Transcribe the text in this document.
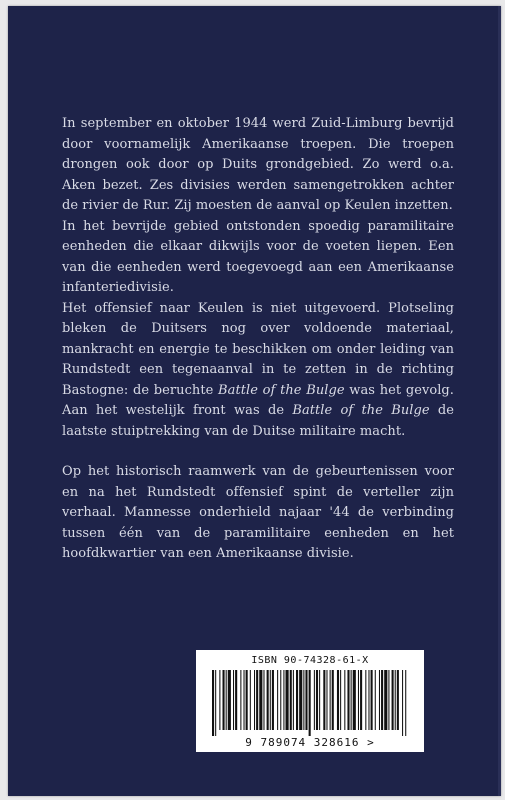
In september en oktober 1944 werd Zuid-Limburg bevrijd door voornamelijk Amerikaanse troepen. Die troepen drongen ook door op Duits grondgebied. Zo werd o.a. Aken bezet. Zes divisies werden samengetrokken achter de rivier de Rur. Zij moesten de aanval op Keulen inzetten.

In het bevrijde gebied ontstonden spoedig paramilitaire eenheden die elkaar dikwijls voor de voeten liepen. Een van die eenheden werd toegevoegd aan een Amerikaanse infanteriedivisie.

Het offensief naar Keulen is niet uitgevoerd. Plotseling bleken de Duitsers nog over voldoende materiaal, mankracht en energie te beschikken om onder leiding van Rundstedt een tegenaanval in te zetten in de richting Bastogne: de beruchte Battle of the Bulge was het gevolg. Aan het westelijk front was de Battle of the Bulge de laatste stuiptrekking van de Duitse militaire macht.

Op het historisch raamwerk van de gebeurtenissen voor en na het Rundstedt offensief spint de verteller zijn verhaal. Mannesse onderhield najaar '44 de verbinding tussen één van de paramilitaire eenheden en het hoofdkwartier van een Amerikaanse divisie.

ISBN 90-74328-61-X
9 789074 328616 >
